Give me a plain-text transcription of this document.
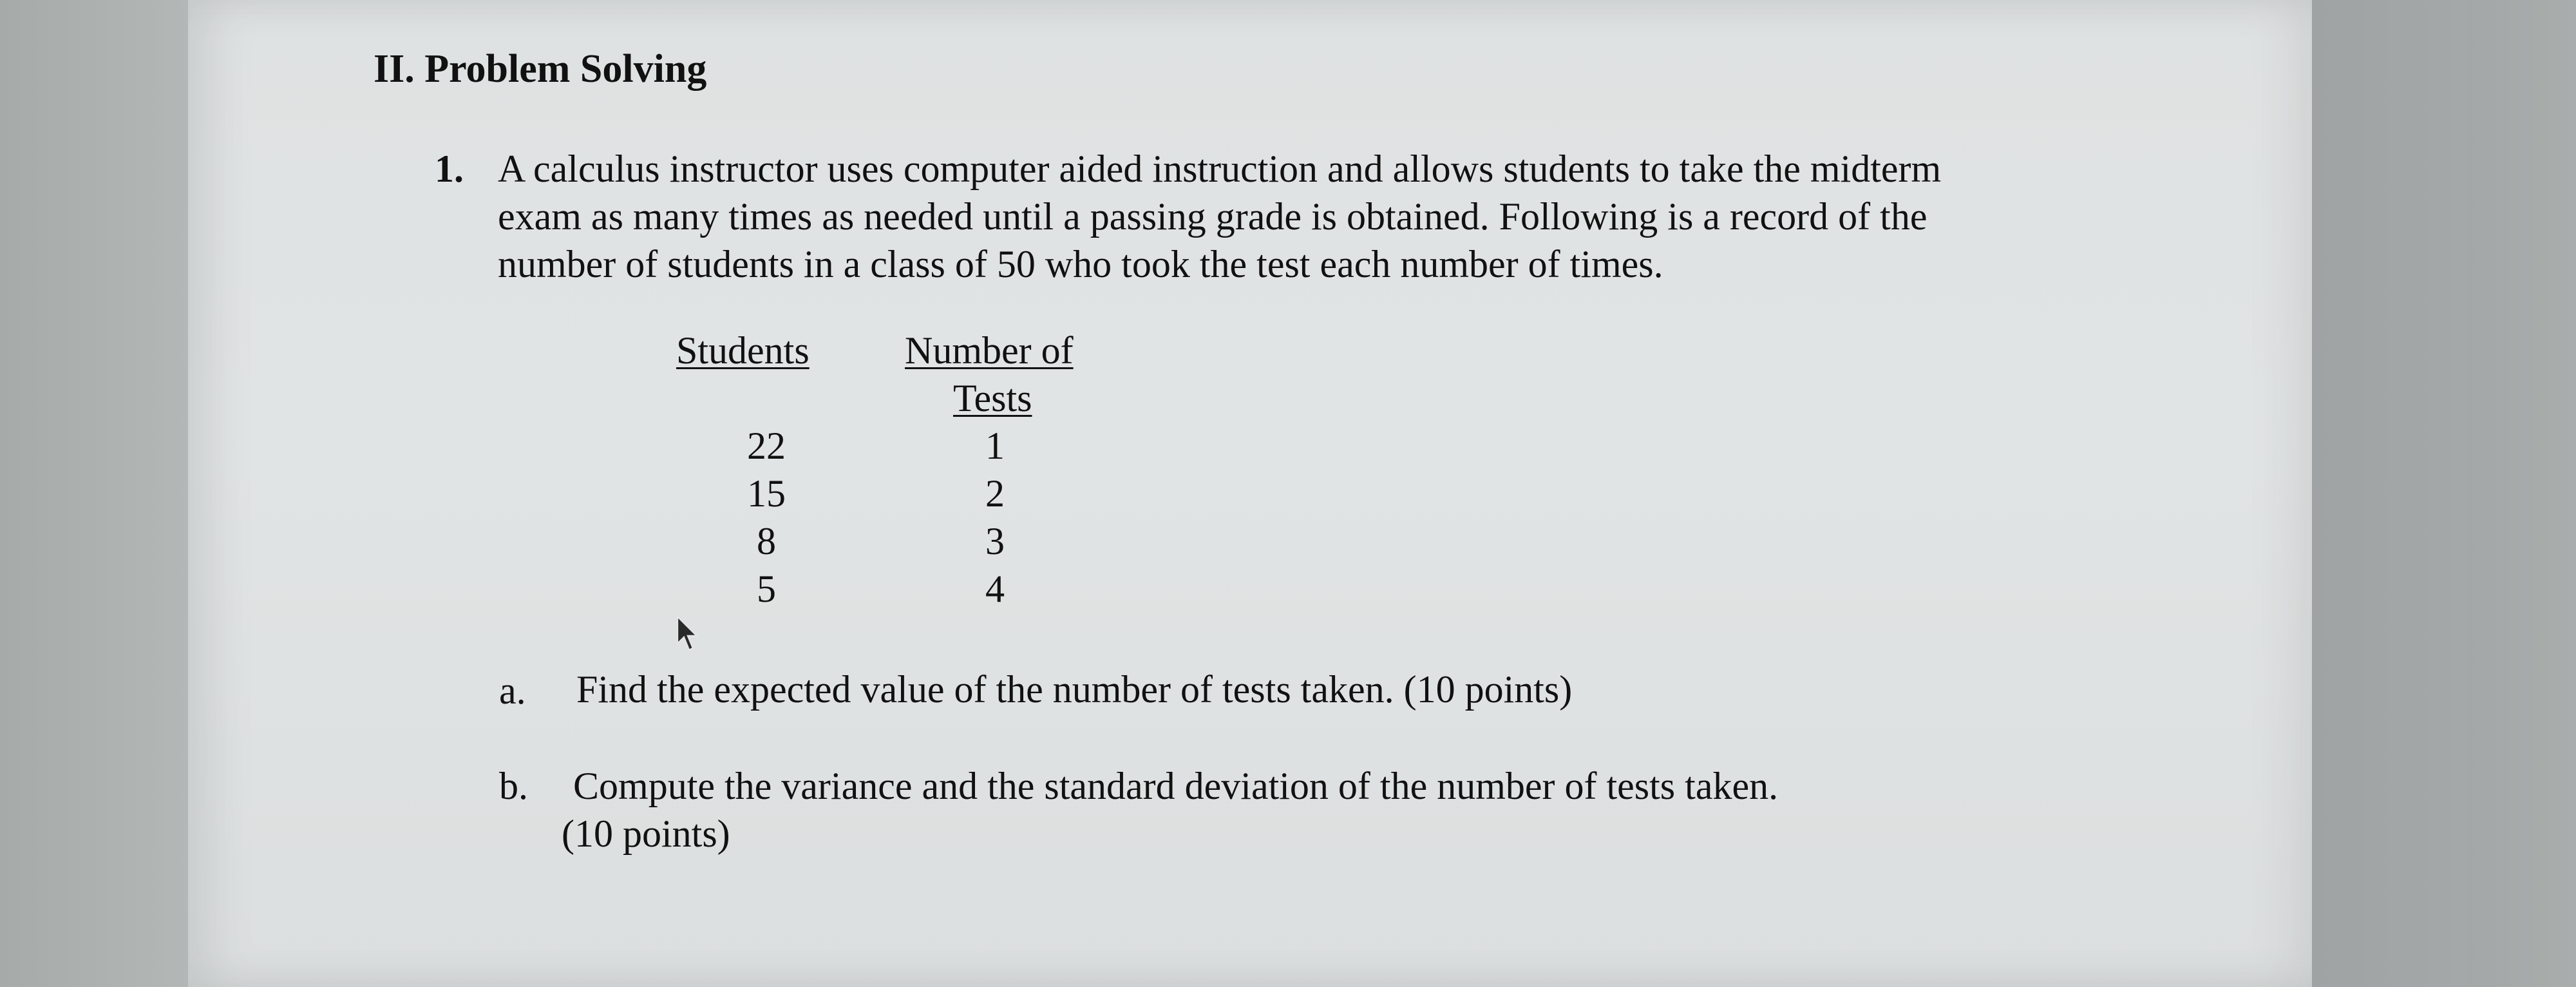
II. Problem Solving
1. A calculus instructor uses computer aided instruction and allows students to take the midterm
exam as many times as needed until a passing grade is obtained. Following is a record of the
number of students in a class of 50 who took the test each number of times.
Students Number of
Tests
22	1
15	2
8	3
5	4
a. Find the expected value of the number of tests taken. (10 points)
b. Compute the variance and the standard deviation of the number of tests taken.
(10 points)
